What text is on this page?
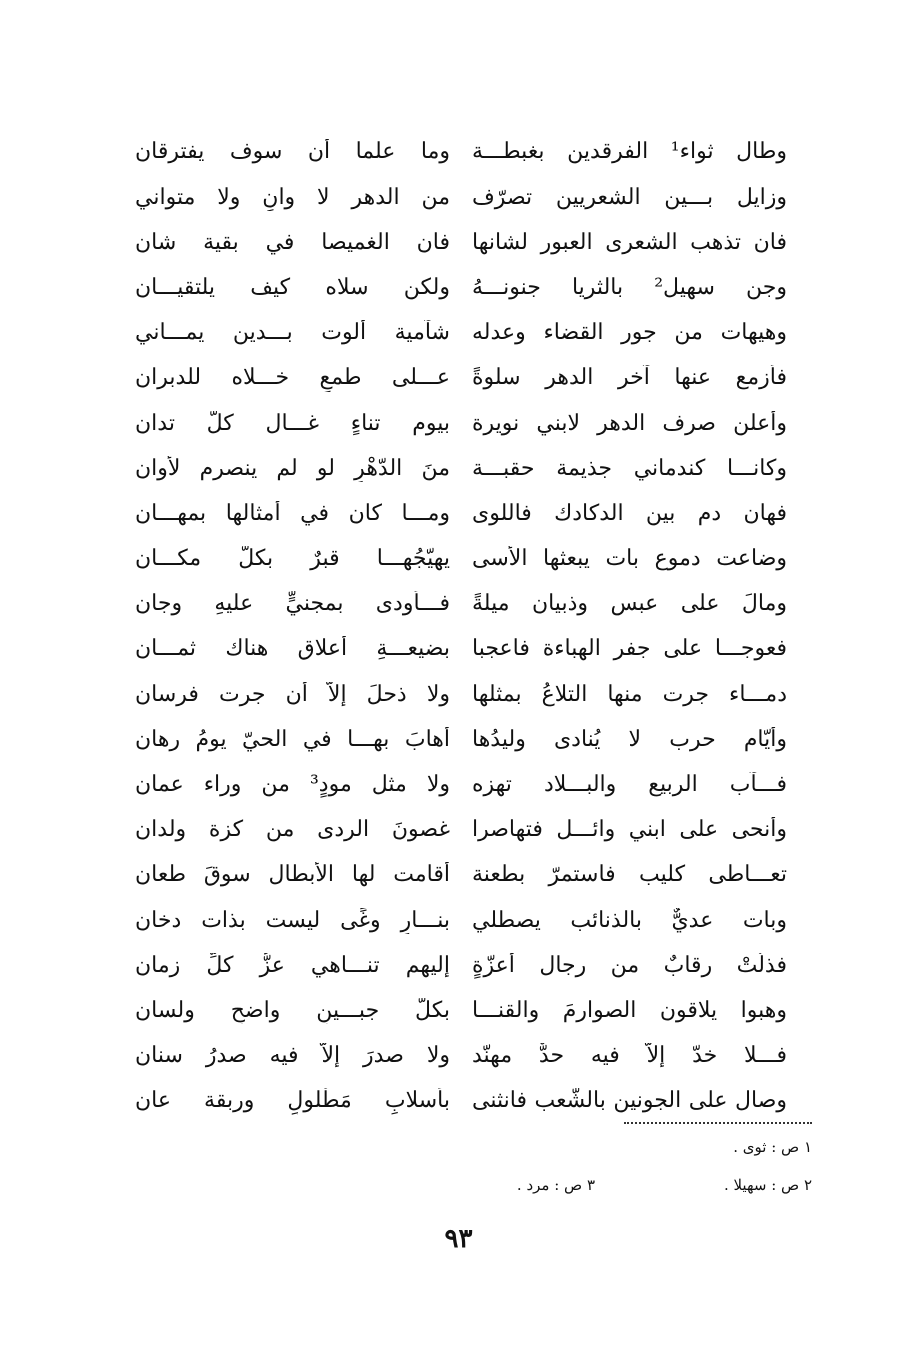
وطال ثواء¹ الفرقدين بغبطـــة
وما علما أن سوف يفترقان
وزايل بـــين الشعريين تصرّف
من الدهر لا وانٍ ولا متواني
فان تذهب الشعرى العبور لشانها
فان الغميصا في بقية شان
وجن سهيل² بالثريا جنونـــهُ
ولكن سلاه كيف يلتقيـــان
وهيهات من جور القضاء وعدله
شآمية ألوت بـــدين يمـــاني
فأزمع عنها آخر الدهر سلوةً
عـــلى طمعٍ خـــلاه للدبران
وأعلن صرف الدهر لابني نويرة
بيومِ تناءٍ غـــال كلّ تدان
وكانـــا كندماني جذيمة حقبـــة
منَ الدّهْرِ لو لم ينصرم لأوان
فهان دم بين الدكادك فاللوى
ومـــا كان في أمثالها بمهـــان
وضاعت دموع بات يبعثها الأسى
يهيّجُهـــا قبرٌ بكلّ مكـــان
ومالَ على عبس وذبيان ميلةً
فـــأودى بمجنيٍّ عليهِ وجان
فعوجـــا على جفر الهباءة فاعجبا
بضيعـــةِ أعلاق هناك ثمـــان
دمـــاء جرت منها التلاعُ بمثلها
ولا ذحلَ إلاّ أن جرت فرسان
وأيّام حرب لا يُنادى وليدُها
أهابَ بهـــا في الحيّ يومُ رهان
فـــآب الربيع والبـــلاد تهزه
ولا مثل مودٍ³ من وراء عمان
وأنحى على ابني وائـــل فتهاصرا
غصونَ الردى من كزة ولدان
تعـــاطى كليب فاستمرّ بطعنة
أقامت لها الأبطال سوقَ طعان
وبات عديٌّ بالذنائب يصطلي
بنـــارِ وغًى ليست بذات دخان
فذلّتْ رقابٌ من رجال أعزّةٍ
إليهم تنـــاهي عزُّ كلِّ زمان
وهبوا يلاقون الصوارمَ والقنـــا
بكلّ جبـــينٍ واضحٍ ولسان
فـــلا خدّ إلاّ فيه حدٌّ مهنّد
ولا صدرَ إلاّ فيه صدرُ سنان
وصال على الجونين بالشّعب فانثنى
بأسلابِ مَطْلولٍ وربقة عان
١ ص : ثوى .
٢ ص : سهيلا .
٣ ص : مرد .
٩٣
